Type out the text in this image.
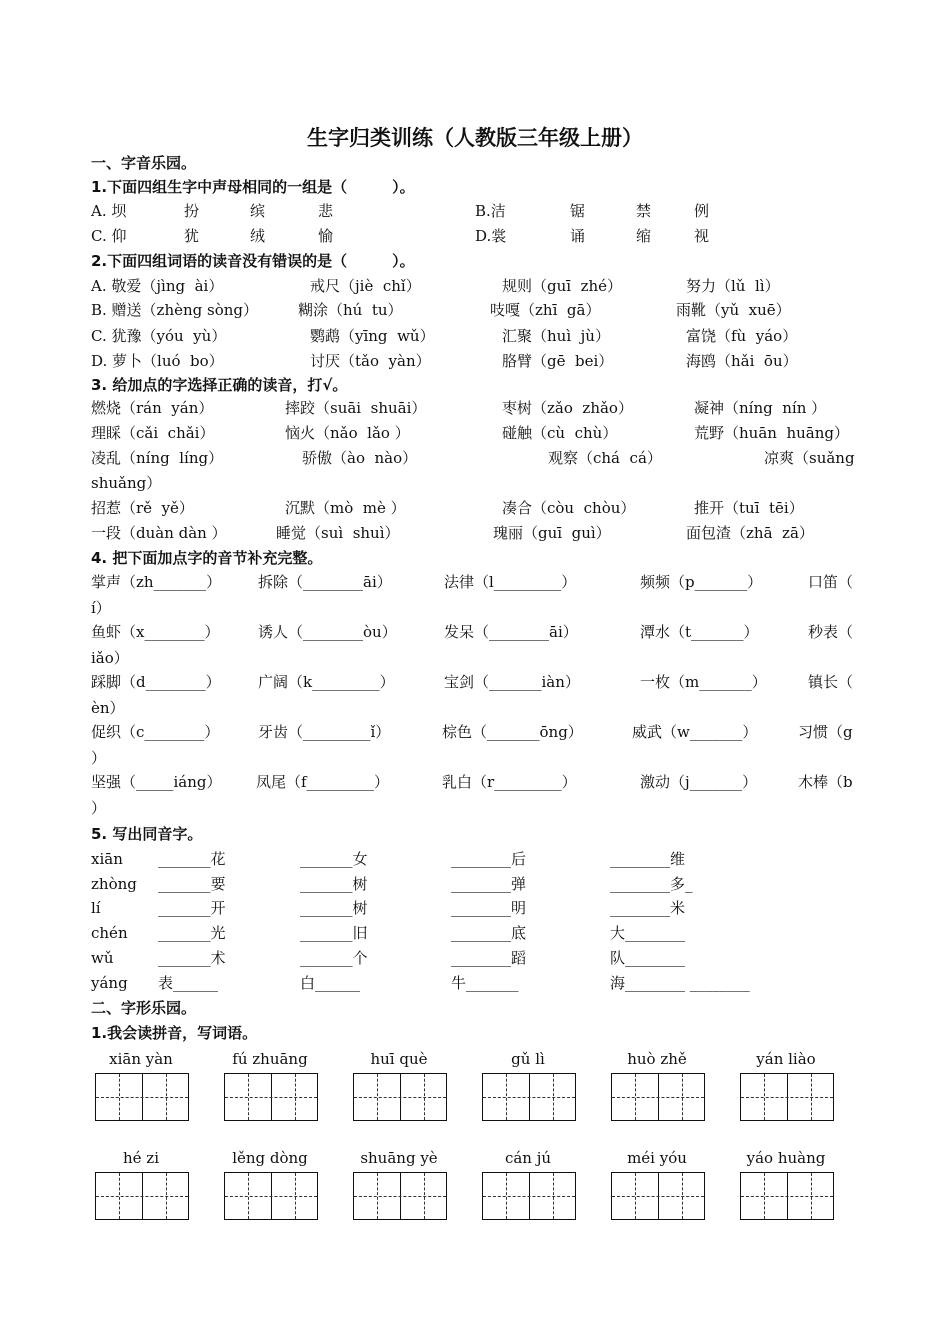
生字归类训练（人教版三年级上册）
一、字音乐园。
1.下面四组生字中声母相同的一组是（　　　）。
A. 坝	扮	缤	悲	B.洁	锯	禁	例
C. 仰	犹	绒	愉	D.裳	诵	缩	视
2.下面四组词语的读音没有错误的是（　　　）。
A. 敬爱（jìng  ài）	戒尺（jiè  chǐ）	规则（guī  zhé）	努力（lǔ  lì）
B. 赠送（zhèng sòng）	糊涂（hú  tu）	吱嘎（zhī  gā）	雨靴（yǔ  xuē）
C. 犹豫（yóu  yù）	鹦鹉（yīng  wǔ）	汇聚（huì  jù）	富饶（fù  yáo）
D. 萝卜（luó  bo）	讨厌（tǎo  yàn）	胳臂（gē  bei）	海鸥（hǎi  ōu）
3. 给加点的字选择正确的读音，打√。
燃烧（rán  yán）	摔跤（suāi  shuāi）	枣树（zǎo  zhǎo）	凝神（níng  nín ）
理睬（cǎi  chǎi）	恼火（nǎo  lǎo ）	碰触（cù  chù）	荒野（huān  huāng）
凌乱（níng  líng）	骄傲（ào  nào）	观察（chá  cá）	凉爽（suǎng
shuǎng）
招惹（rě  yě）	沉默（mò  mè ）	凑合（còu  chòu）	推开（tuī  tēi）
一段（duàn dàn ）	睡觉（suì  shuì）	瑰丽（guī  guì）	面包渣（zhā  zā）
4. 把下面加点字的音节补充完整。
掌声（zh_______） 拆除（________āi）	法律（l_________）	频频（p_______）	口笛（
í）
鱼虾（x________）	诱人（________òu）	发呆（________āi）	潭水（t_______）	秒表（
iǎo）
踩脚（d________） 广阔（k_________）	宝剑（_______iàn）	一枚（m_______）	镇长（
èn）
促织（c________）	牙齿（_________ǐ）	棕色（_______ōng）	威武（w_______）	习惯（g
）
坚强（_____iáng） 凤尾（f_________）	乳白（r_________）	激动（j_______）	木棒（b
）
5. 写出同音字。
xiān _______花	_______女	________后	________维
zhòng _______要	_______树	________弹	________多_
lí	_______开	_______树	________明	________米
chén _______光	_______旧	________底	大________
wǔ	_______术	_______个	________蹈	队________
yáng 表______	白______	牛_______	海________ ________
二、字形乐园。
1.我会读拼音，写词语。
xiān yàn	fú zhuāng	huī què	gǔ lì	huò zhě	yán liào
hé zi	lěng dòng	shuāng yè	cán jú	méi yóu	yáo huàng
